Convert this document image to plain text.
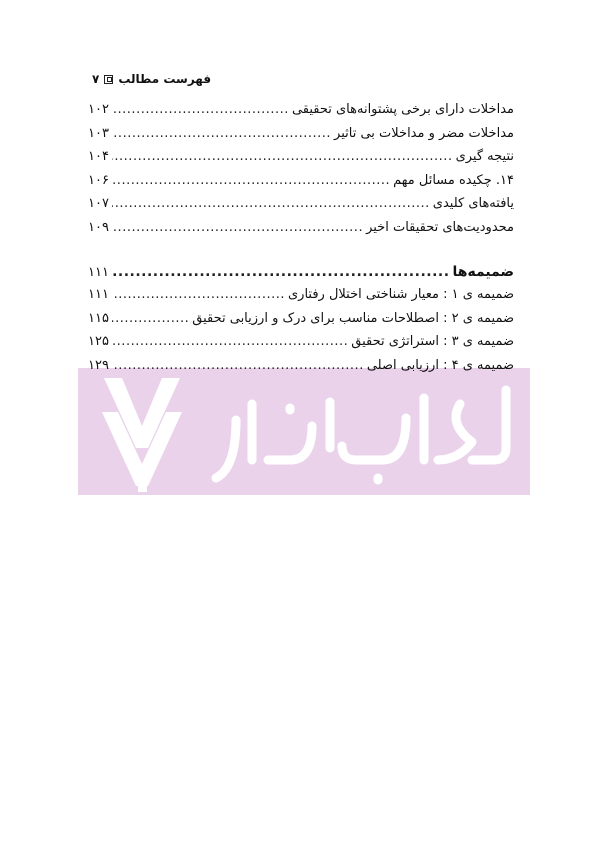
۷ فهرست مطالب
مداخلات دارای برخی پشتوانه‌های تحقیقی
.....
۱۰۲
مداخلات مضر و مداخلات بی تاثیر
.....
۱۰۳
نتیجه گیری
.....
۱۰۴
۱۴. چکیده مسائل مهم
.....
۱۰۶
یافته‌های کلیدی
.....
۱۰۷
محدودیت‌های تحقیقات اخیر
.....
۱۰۹
ضمیمه‌ها
.....
۱۱۱
ضمیمه ی ۱ : معیار شناختی اختلال رفتاری
.....
۱۱۱
ضمیمه ی ۲ : اصطلاحات مناسب برای درک و ارزیابی تحقیق
.....
۱۱۵
ضمیمه ی ۳ : استراتژی تحقیق
.....
۱۲۵
ضمیمه ی ۴ : ارزیابی اصلی
.....
۱۲۹
